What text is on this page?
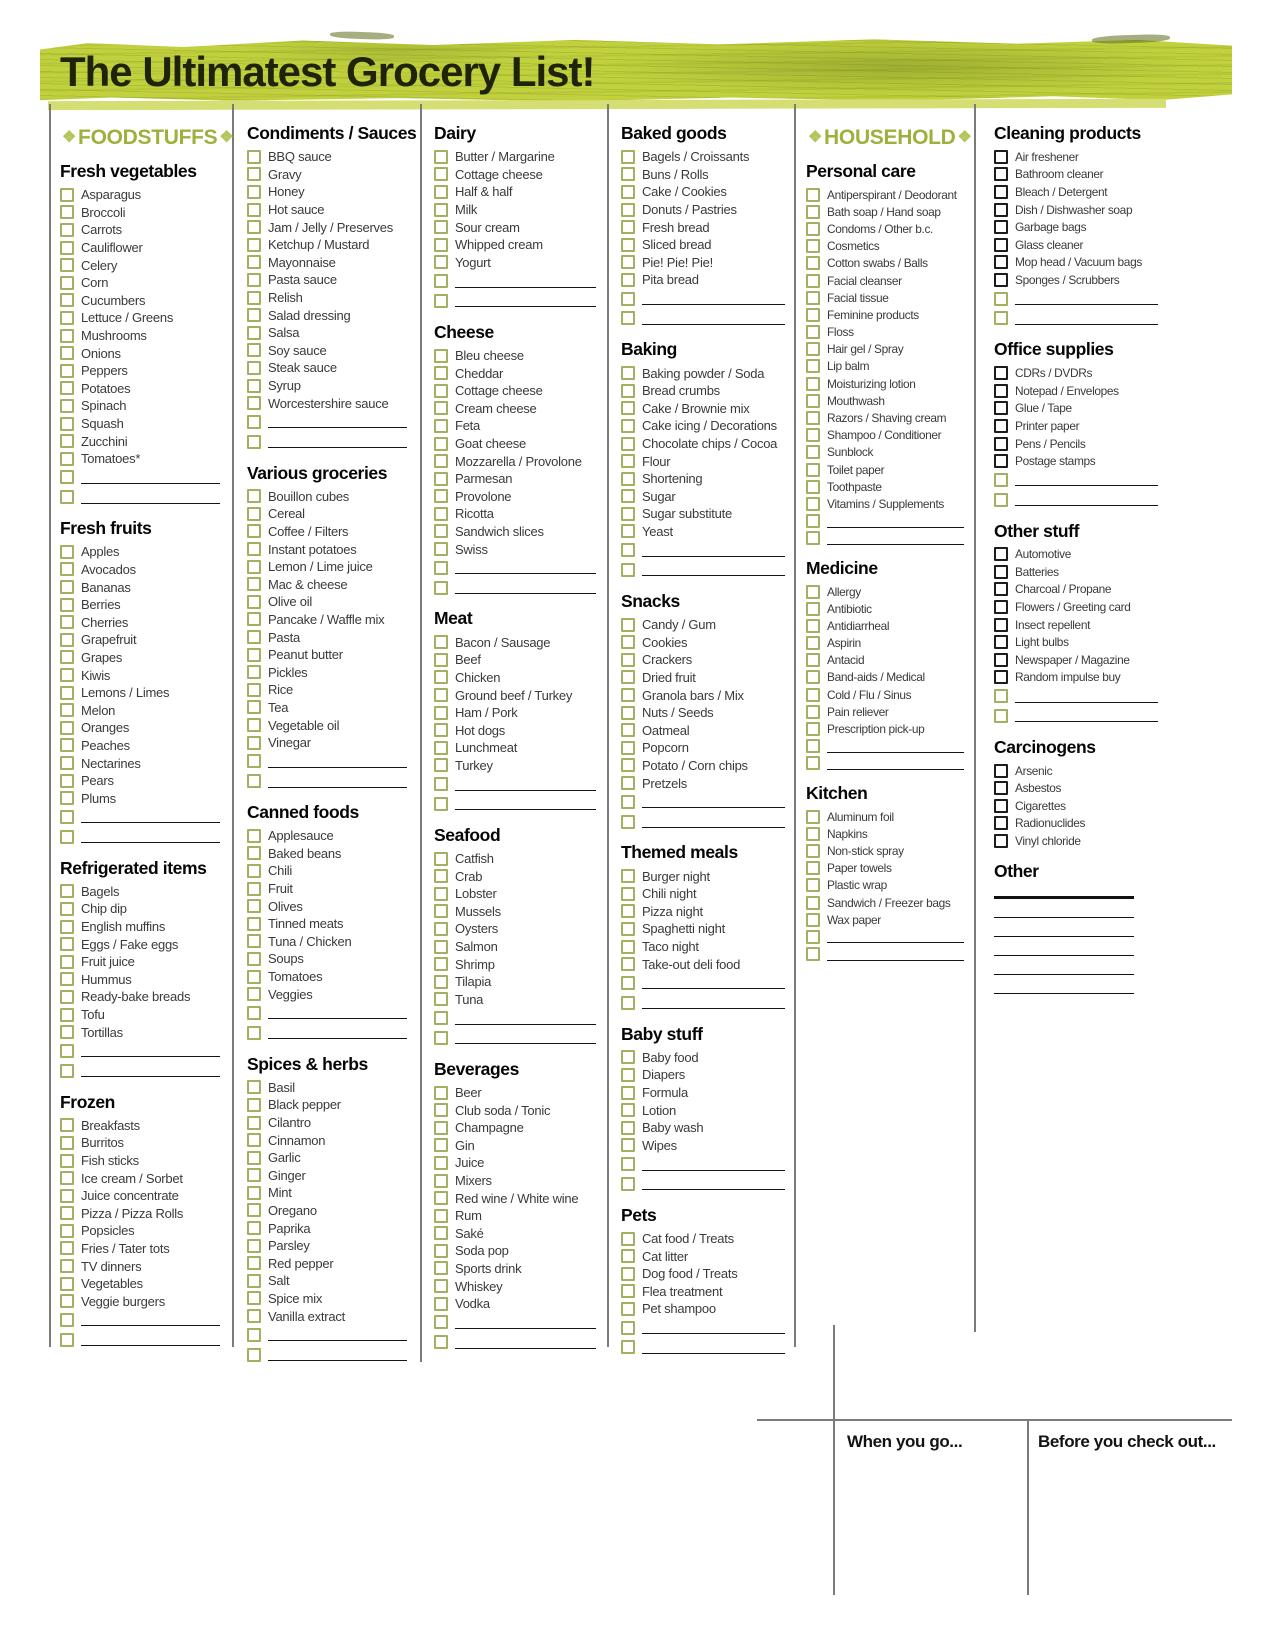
The Ultimatest Grocery List!
❖FOODSTUFFS ❖
Fresh vegetables
Asparagus
Broccoli
Carrots
Cauliflower
Celery
Corn
Cucumbers
Lettuce / Greens
Mushrooms
Onions
Peppers
Potatoes
Spinach
Squash
Zucchini
Tomatoes*
Fresh fruits
Apples
Avocados
Bananas
Berries
Cherries
Grapefruit
Grapes
Kiwis
Lemons / Limes
Melon
Oranges
Peaches
Nectarines
Pears
Plums
Refrigerated items
Bagels
Chip dip
English muffins
Eggs / Fake eggs
Fruit juice
Hummus
Ready-bake breads
Tofu
Tortillas
Frozen
Breakfasts
Burritos
Fish sticks
Ice cream / Sorbet
Juice concentrate
Pizza / Pizza Rolls
Popsicles
Fries / Tater tots
TV dinners
Vegetables
Veggie burgers
Condiments / Sauces
BBQ sauce
Gravy
Honey
Hot sauce
Jam / Jelly / Preserves
Ketchup / Mustard
Mayonnaise
Pasta sauce
Relish
Salad dressing
Salsa
Soy sauce
Steak sauce
Syrup
Worcestershire sauce
Various groceries
Bouillon cubes
Cereal
Coffee / Filters
Instant potatoes
Lemon / Lime juice
Mac & cheese
Olive oil
Pancake / Waffle mix
Pasta
Peanut butter
Pickles
Rice
Tea
Vegetable oil
Vinegar
Canned foods
Applesauce
Baked beans
Chili
Fruit
Olives
Tinned meats
Tuna / Chicken
Soups
Tomatoes
Veggies
Spices & herbs
Basil
Black pepper
Cilantro
Cinnamon
Garlic
Ginger
Mint
Oregano
Paprika
Parsley
Red pepper
Salt
Spice mix
Vanilla extract
Dairy
Butter / Margarine
Cottage cheese
Half & half
Milk
Sour cream
Whipped cream
Yogurt
Cheese
Bleu cheese
Cheddar
Cottage cheese
Cream cheese
Feta
Goat cheese
Mozzarella / Provolone
Parmesan
Provolone
Ricotta
Sandwich slices
Swiss
Meat
Bacon / Sausage
Beef
Chicken
Ground beef / Turkey
Ham / Pork
Hot dogs
Lunchmeat
Turkey
Seafood
Catfish
Crab
Lobster
Mussels
Oysters
Salmon
Shrimp
Tilapia
Tuna
Beverages
Beer
Club soda / Tonic
Champagne
Gin
Juice
Mixers
Red wine / White wine
Rum
Saké
Soda pop
Sports drink
Whiskey
Vodka
Baked goods
Bagels / Croissants
Buns / Rolls
Cake / Cookies
Donuts / Pastries
Fresh bread
Sliced bread
Pie! Pie! Pie!
Pita bread
Baking
Baking powder / Soda
Bread crumbs
Cake / Brownie mix
Cake icing / Decorations
Chocolate chips / Cocoa
Flour
Shortening
Sugar
Sugar substitute
Yeast
Snacks
Candy / Gum
Cookies
Crackers
Dried fruit
Granola bars / Mix
Nuts / Seeds
Oatmeal
Popcorn
Potato / Corn chips
Pretzels
Themed meals
Burger night
Chili night
Pizza night
Spaghetti night
Taco night
Take-out deli food
Baby stuff
Baby food
Diapers
Formula
Lotion
Baby wash
Wipes
Pets
Cat food / Treats
Cat litter
Dog food / Treats
Flea treatment
Pet shampoo
❖HOUSEHOLD ❖
Personal care
Antiperspirant / Deodorant
Bath soap / Hand soap
Condoms / Other b.c.
Cosmetics
Cotton swabs / Balls
Facial cleanser
Facial tissue
Feminine products
Floss
Hair gel / Spray
Lip balm
Moisturizing lotion
Mouthwash
Razors / Shaving cream
Shampoo / Conditioner
Sunblock
Toilet paper
Toothpaste
Vitamins / Supplements
Medicine
Allergy
Antibiotic
Antidiarrheal
Aspirin
Antacid
Band-aids / Medical
Cold / Flu / Sinus
Pain reliever
Prescription pick-up
Kitchen
Aluminum foil
Napkins
Non-stick spray
Paper towels
Plastic wrap
Sandwich / Freezer bags
Wax paper
Cleaning products
Air freshener
Bathroom cleaner
Bleach / Detergent
Dish / Dishwasher soap
Garbage bags
Glass cleaner
Mop head / Vacuum bags
Sponges / Scrubbers
Office supplies
CDRs / DVDRs
Notepad / Envelopes
Glue / Tape
Printer paper
Pens / Pencils
Postage stamps
Other stuff
Automotive
Batteries
Charcoal / Propane
Flowers / Greeting card
Insect repellent
Light bulbs
Newspaper / Magazine
Random impulse buy
Carcinogens
Arsenic
Asbestos
Cigarettes
Radionuclides
Vinyl chloride
Other
When you go...	Before you check out...
